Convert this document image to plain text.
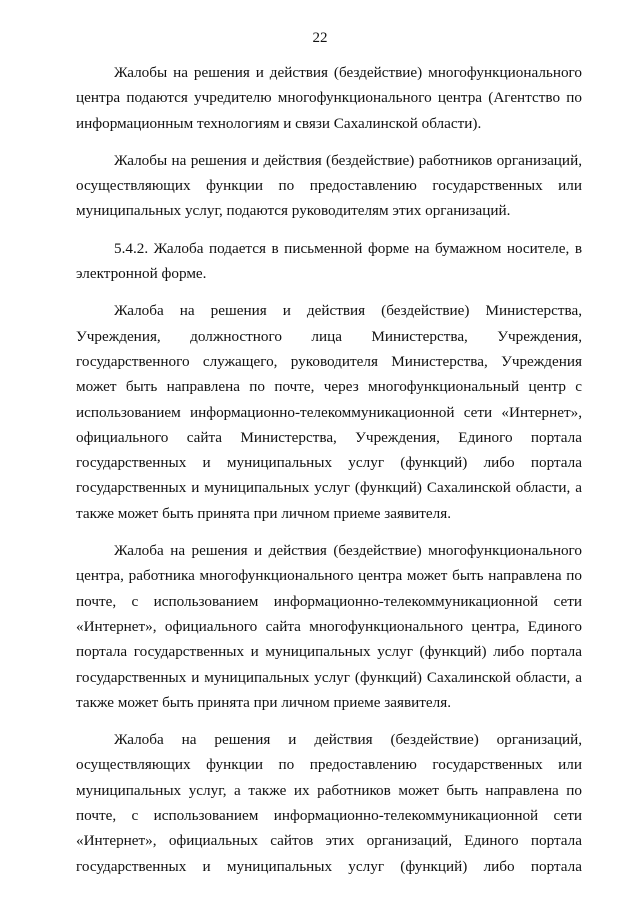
22

Жалобы на решения и действия (бездействие) многофункционального
центра подаются учредителю многофункционального центра (Агентство по
информационным технологиям и связи Сахалинской области).

Жалобы на решения и действия (бездействие) работников организаций,
осуществляющих функции по предоставлению государственных или
муниципальных услуг, подаются руководителям этих организаций.

5.4.2. Жалоба подается в письменной форме на бумажном носителе, в
электронной форме.

Жалоба на решения и действия (бездействие) Министерства,
Учреждения, должностного лица Министерства, Учреждения,
государственного служащего, руководителя Министерства, Учреждения
может быть направлена по почте, через многофункциональный центр с
использованием информационно-телекоммуникационной сети «Интернет»,
официального сайта Министерства, Учреждения, Единого портала
государственных и муниципальных услуг (функций) либо портала
государственных и муниципальных услуг (функций) Сахалинской области, а
также может быть принята при личном приеме заявителя.

Жалоба на решения и действия (бездействие) многофункционального
центра, работника многофункционального центра может быть направлена по
почте, с использованием информационно-телекоммуникационной сети
«Интернет», официального сайта многофункционального центра, Единого
портала государственных и муниципальных услуг (функций) либо портала
государственных и муниципальных услуг (функций) Сахалинской области, а
также может быть принята при личном приеме заявителя.

Жалоба на решения и действия (бездействие) организаций,
осуществляющих функции по предоставлению государственных или
муниципальных услуг, а также их работников может быть направлена по
почте, с использованием информационно-телекоммуникационной сети
«Интернет», официальных сайтов этих организаций, Единого портала
государственных и муниципальных услуг (функций) либо портала
